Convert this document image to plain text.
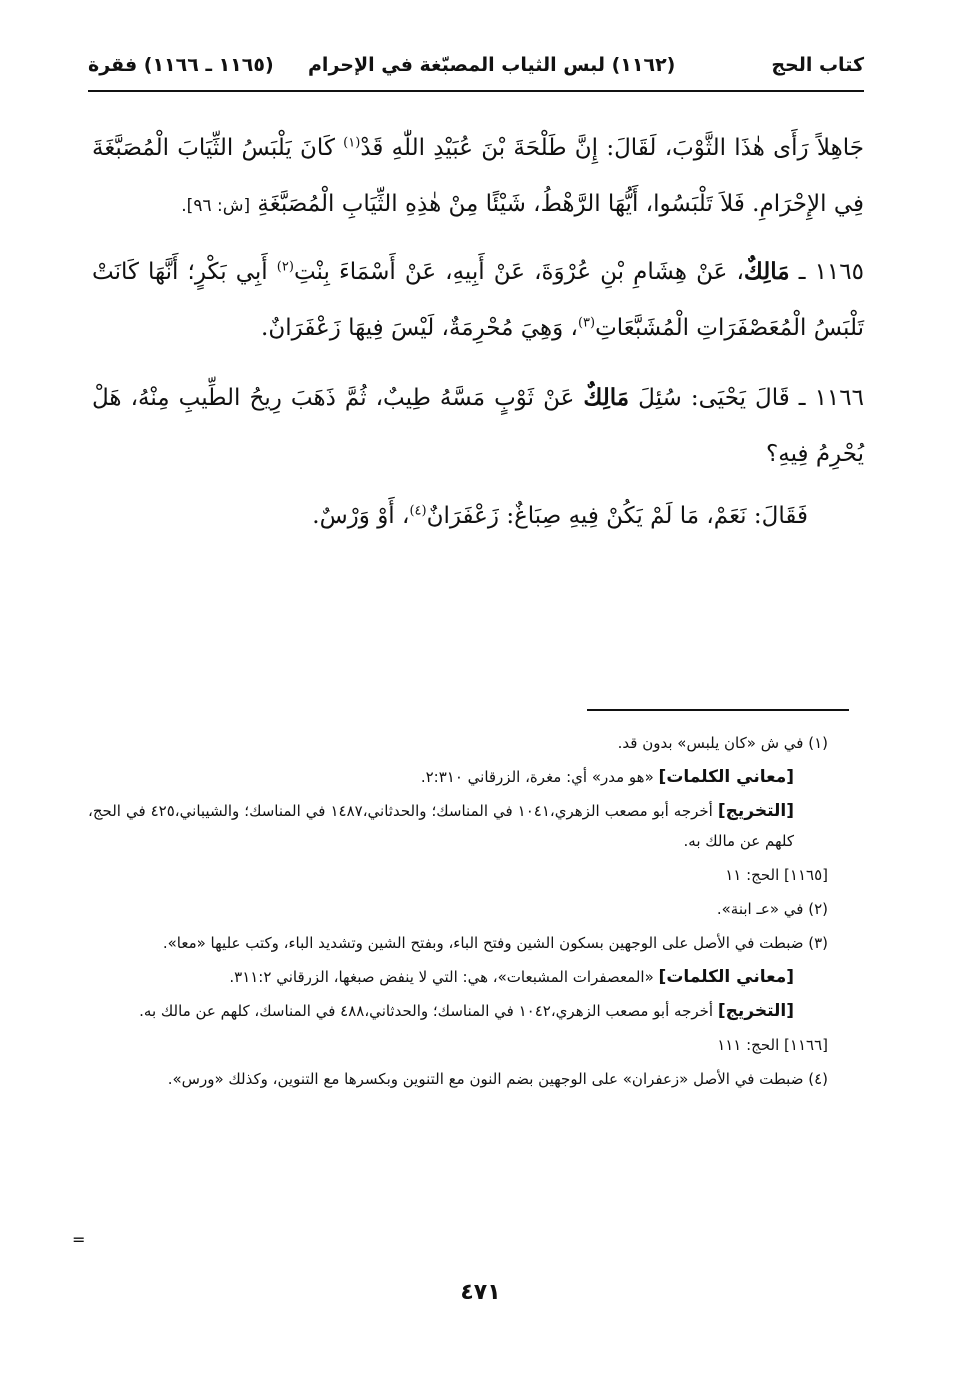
كتاب الحج
(١١٦٢) لبس الثياب المصبّغة في الإحرام
(١١٦٥ ـ ١١٦٦) فقرة

جَاهِلاً رَأَى هٰذَا الثَّوْبَ، لَقَالَ: إِنَّ طَلْحَةَ بْنَ عُبَيْدِ اللّٰهِ قَدْ$^{(١)}$ كَانَ يَلْبَسُ الثِّيَابَ الْمُصَبَّغَةَ فِي الإِحْرَامِ. فَلاَ تَلْبَسُوا، أَيُّهَا الرَّهْطُ، شَيْئًا مِنْ هٰذِهِ الثِّيَابِ الْمُصَبَّغَةِ [ش: ٩٦].

١١٦٥ ـ مَالِكٌ، عَنْ هِشَامِ بْنِ عُرْوَةَ، عَنْ أَبِيهِ، عَنْ أَسْمَاءَ بِنْتِ$^{(٢)}$ أَبِي بَكْرٍ؛ أَنَّهَا كَانَتْ تَلْبَسُ الْمُعَصْفَرَاتِ الْمُشَبَّعَاتِ$^{(٣)}$، وَهِيَ مُحْرِمَةٌ، لَيْسَ فِيهَا زَعْفَرَانٌ.

١١٦٦ ـ قَالَ يَحْيَى: سُئِلَ مَالِكٌ عَنْ ثَوْبٍ مَسَّهُ طِيبٌ، ثُمَّ ذَهَبَ رِيحُ الطِّيبِ مِنْهُ، هَلْ يُحْرِمُ فِيهِ؟

فَقَالَ: نَعَمْ، مَا لَمْ يَكُنْ فِيهِ صِبَاغٌ: زَعْفَرَانٌ$^{(٤)}$، أَوْ وَرْسٌ.

(١) في ش «كان يلبس» بدون قد.

[معاني الكلمات] «هو مدر» أي: مغرة، الزرقاني ٢:٣١٠.

[التخريج] أخرجه أبو مصعب الزهري،١٠٤١ في المناسك؛ والحدثاني،١٤٨٧ في المناسك؛ والشيباني،٤٢٥ في الحج، كلهم عن مالك به.

[١١٦٥] الحج: ١١

(٢) في «عـ ابنة».

(٣) ضبطت في الأصل على الوجهين بسكون الشين وفتح الباء، وبفتح الشين وتشديد الباء، وكتب عليها «معا».

[معاني الكلمات] «المعصفرات المشبعات»، هي: التي لا ينفض صبغها، الزرقاني ٣١١:٢.

[التخريج] أخرجه أبو مصعب الزهري،١٠٤٢ في المناسك؛ والحدثاني،٤٨٨ في المناسك، كلهم عن مالك به.

[١١٦٦] الحج: ١١١

(٤) ضبطت في الأصل «زعفران» على الوجهين بضم النون مع التنوين وبكسرها مع التنوين، وكذلك «ورس».

=
٤٧١
